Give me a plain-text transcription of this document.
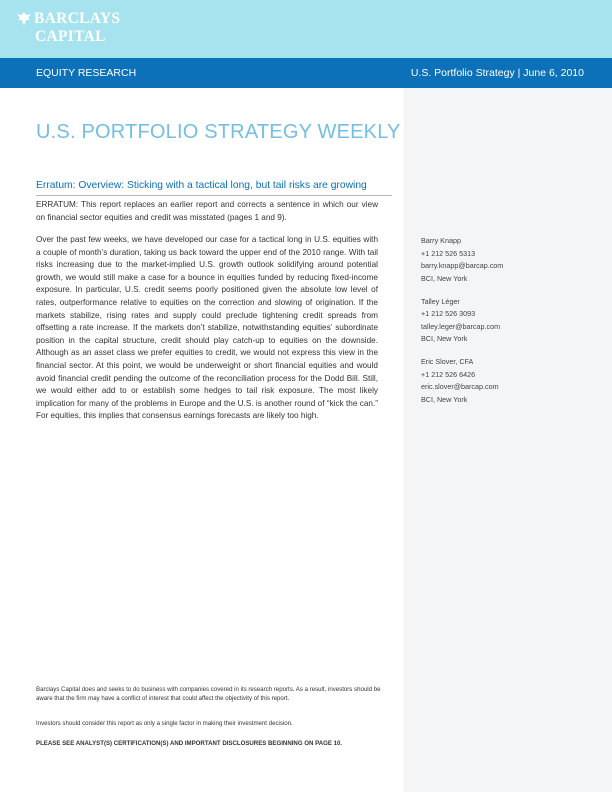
BARCLAYS
CAPITAL
EQUITY RESEARCH	U.S. Portfolio Strategy | June 6, 2010
U.S. PORTFOLIO STRATEGY WEEKLY
Erratum: Overview: Sticking with a tactical long, but tail risks are growing
ERRATUM: This report replaces an earlier report and corrects a sentence in which our view on financial sector equities and credit was misstated (pages 1 and 9).
Over the past few weeks, we have developed our case for a tactical long in U.S. equities with a couple of month’s duration, taking us back toward the upper end of the 2010 range. With tail risks increasing due to the market-implied U.S. growth outlook solidifying around potential growth, we would still make a case for a bounce in equities funded by reducing fixed-income exposure. In particular, U.S. credit seems poorly positioned given the absolute low level of rates, outperformance relative to equities on the correction and slowing of origination. If the markets stabilize, rising rates and supply could preclude tightening credit spreads from offsetting a rate increase. If the markets don’t stabilize, notwithstanding equities’ subordinate position in the capital structure, credit should play catch-up to equities on the downside. Although as an asset class we prefer equities to credit, we would not express this view in the financial sector. At this point, we would be underweight or short financial equities and would avoid financial credit pending the outcome of the reconciliation process for the Dodd Bill. Still, we would either add to or establish some hedges to tail risk exposure. The most likely implication for many of the problems in Europe and the U.S. is another round of “kick the can.” For equities, this implies that consensus earnings forecasts are likely too high.
Barry Knapp
+1 212 526 5313
barry.knapp@barcap.com
BCI, New York
Talley Léger
+1 212 526 3093
talley.leger@barcap.com
BCI, New York
Eric Slover, CFA
+1 212 526 6426
eric.slover@barcap.com
BCI, New York
Barclays Capital does and seeks to do business with companies covered in its research reports. As a result, investors should be aware that the firm may have a conflict of interest that could affect the objectivity of this report.
Investors should consider this report as only a single factor in making their investment decision.
PLEASE SEE ANALYST(S) CERTIFICATION(S) AND IMPORTANT DISCLOSURES BEGINNING ON PAGE 10.
